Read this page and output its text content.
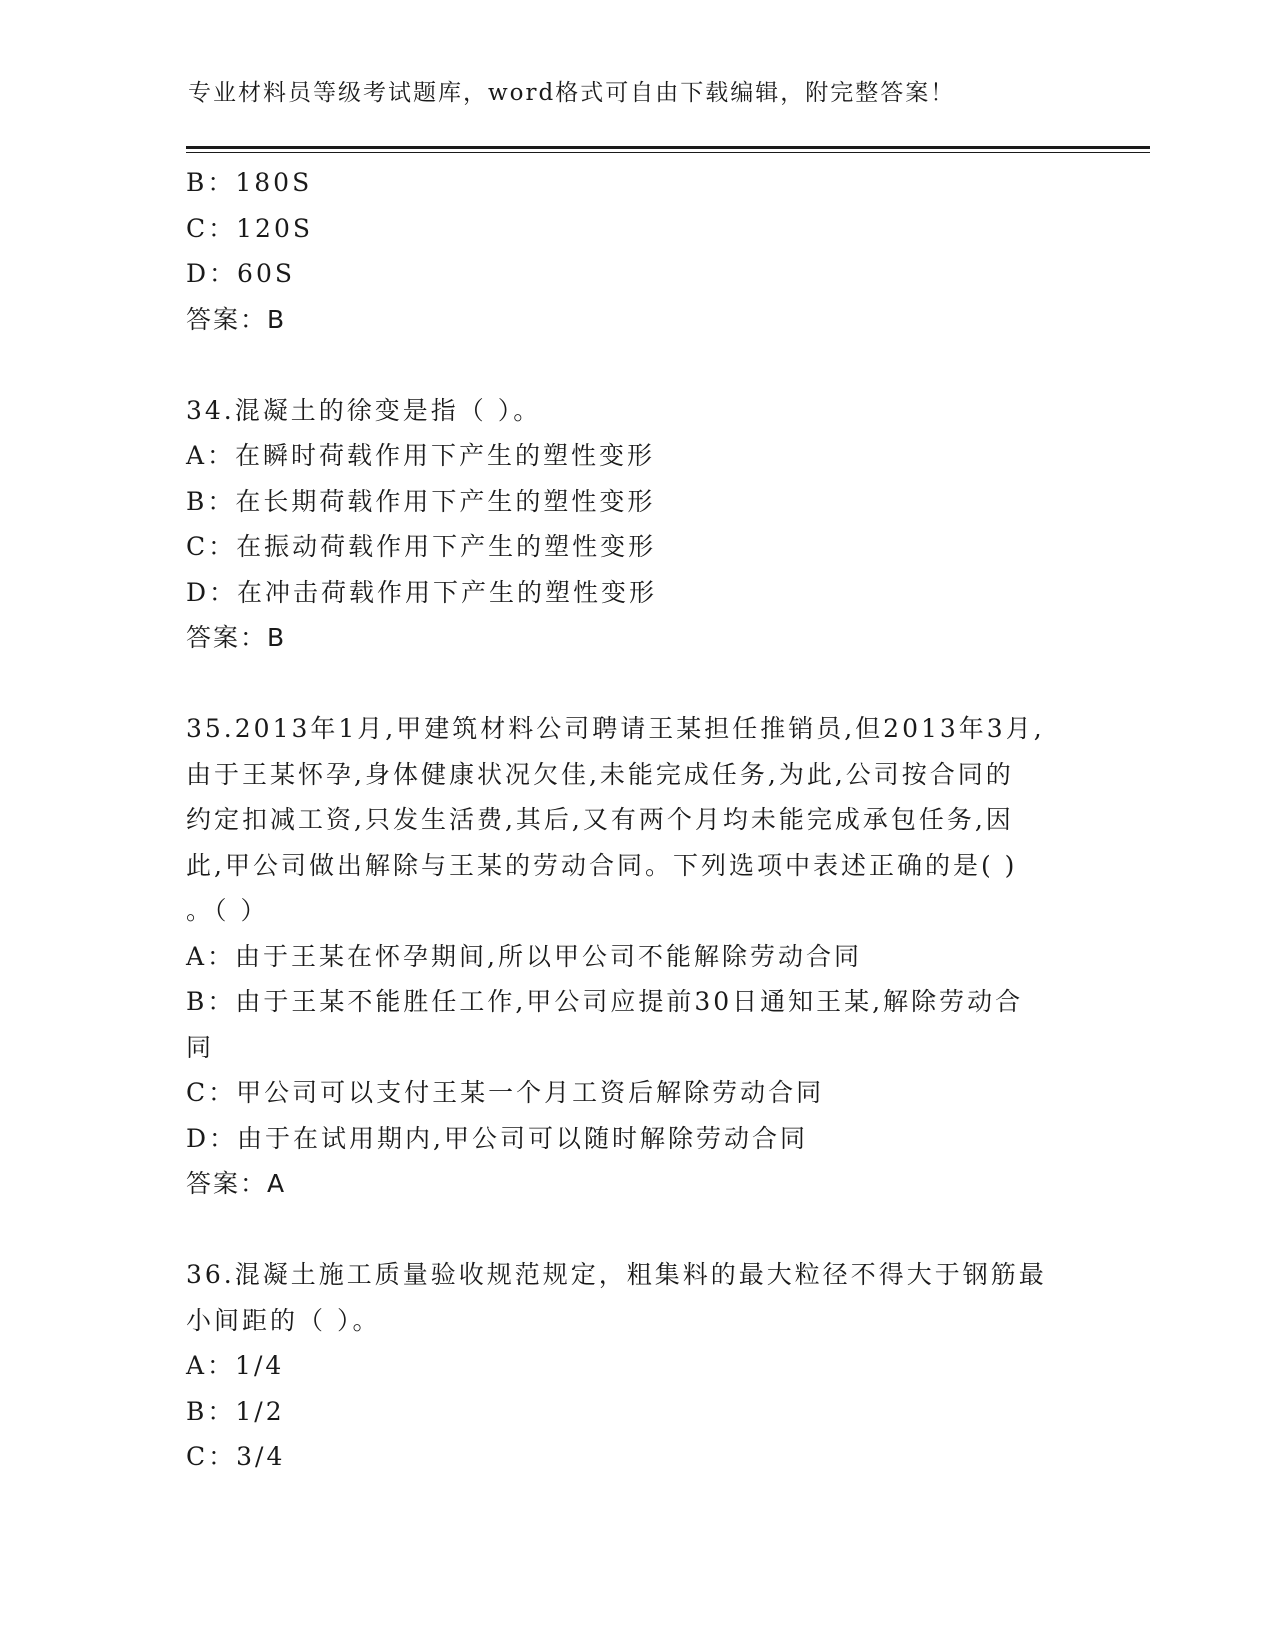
专业材料员等级考试题库，word格式可自由下载编辑，附完整答案！
B：180S
C：120S
D：60S
答案：B
34.混凝土的徐变是指（ ）。
A：在瞬时荷载作用下产生的塑性变形
B：在长期荷载作用下产生的塑性变形
C：在振动荷载作用下产生的塑性变形
D：在冲击荷载作用下产生的塑性变形
答案：B
35.2013年1月,甲建筑材料公司聘请王某担任推销员,但2013年3月,
由于王某怀孕,身体健康状况欠佳,未能完成任务,为此,公司按合同的
约定扣减工资,只发生活费,其后,又有两个月均未能完成承包任务,因
此,甲公司做出解除与王某的劳动合同。下列选项中表述正确的是( )
。（ ）
A：由于王某在怀孕期间,所以甲公司不能解除劳动合同
B：由于王某不能胜任工作,甲公司应提前30日通知王某,解除劳动合
同
C：甲公司可以支付王某一个月工资后解除劳动合同
D：由于在试用期内,甲公司可以随时解除劳动合同
答案：A
36.混凝土施工质量验收规范规定，粗集料的最大粒径不得大于钢筋最
小间距的（ ）。
A：1/4
B：1/2
C：3/4
